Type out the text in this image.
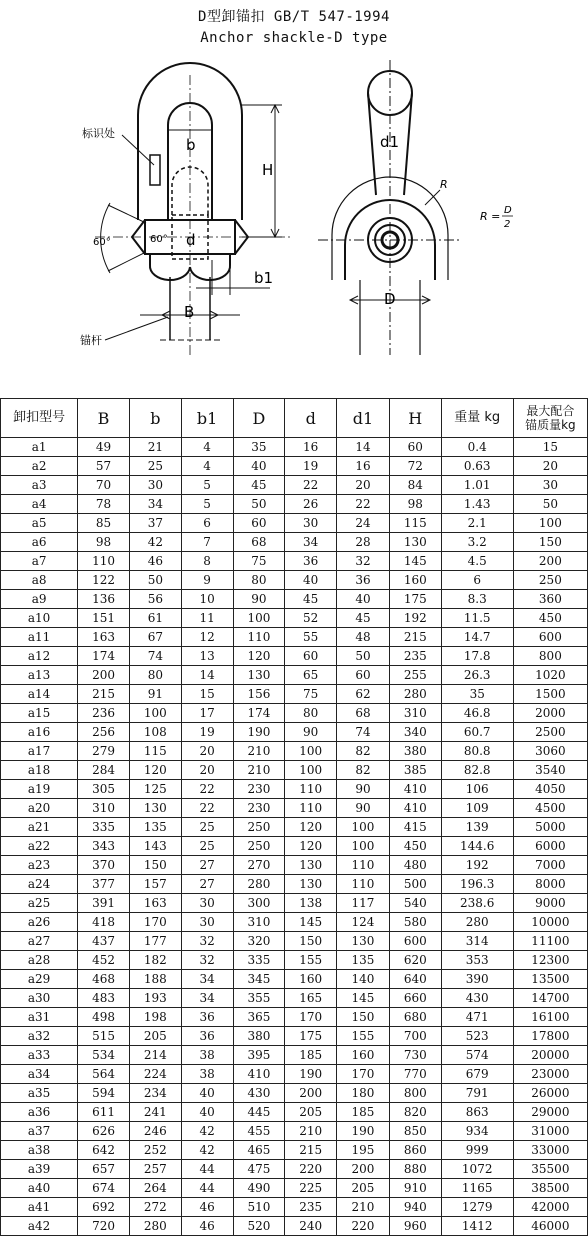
D型卸锚扣 GB/T 547-1994
Anchor shackle-D type
标识处
b
H
d
60°	60°
b1
B
锚杆
d1
R
D
R = D
2
卸扣型号	B	b	b1	D	d	d1	H	重量 kg	最大配合
锚质量kg
a1	49	21	4	35	16	14	60	0.4	15
a2	57	25	4	40	19	16	72	0.63	20
a3	70	30	5	45	22	20	84	1.01	30
a4	78	34	5	50	26	22	98	1.43	50
a5	85	37	6	60	30	24	115	2.1	100
a6	98	42	7	68	34	28	130	3.2	150
a7	110	46	8	75	36	32	145	4.5	200
a8	122	50	9	80	40	36	160	6	250
a9	136	56	10	90	45	40	175	8.3	360
a10	151	61	11	100	52	45	192	11.5	450
a11	163	67	12	110	55	48	215	14.7	600
a12	174	74	13	120	60	50	235	17.8	800
a13	200	80	14	130	65	60	255	26.3	1020
a14	215	91	15	156	75	62	280	35	1500
a15	236	100	17	174	80	68	310	46.8	2000
a16	256	108	19	190	90	74	340	60.7	2500
a17	279	115	20	210	100	82	380	80.8	3060
a18	284	120	20	210	100	82	385	82.8	3540
a19	305	125	22	230	110	90	410	106	4050
a20	310	130	22	230	110	90	410	109	4500
a21	335	135	25	250	120	100	415	139	5000
a22	343	143	25	250	120	100	450	144.6	6000
a23	370	150	27	270	130	110	480	192	7000
a24	377	157	27	280	130	110	500	196.3	8000
a25	391	163	30	300	138	117	540	238.6	9000
a26	418	170	30	310	145	124	580	280	10000
a27	437	177	32	320	150	130	600	314	11100
a28	452	182	32	335	155	135	620	353	12300
a29	468	188	34	345	160	140	640	390	13500
a30	483	193	34	355	165	145	660	430	14700
a31	498	198	36	365	170	150	680	471	16100
a32	515	205	36	380	175	155	700	523	17800
a33	534	214	38	395	185	160	730	574	20000
a34	564	224	38	410	190	170	770	679	23000
a35	594	234	40	430	200	180	800	791	26000
a36	611	241	40	445	205	185	820	863	29000
a37	626	246	42	455	210	190	850	934	31000
a38	642	252	42	465	215	195	860	999	33000
a39	657	257	44	475	220	200	880	1072	35500
a40	674	264	44	490	225	205	910	1165	38500
a41	692	272	46	510	235	210	940	1279	42000
a42	720	280	46	520	240	220	960	1412	46000
